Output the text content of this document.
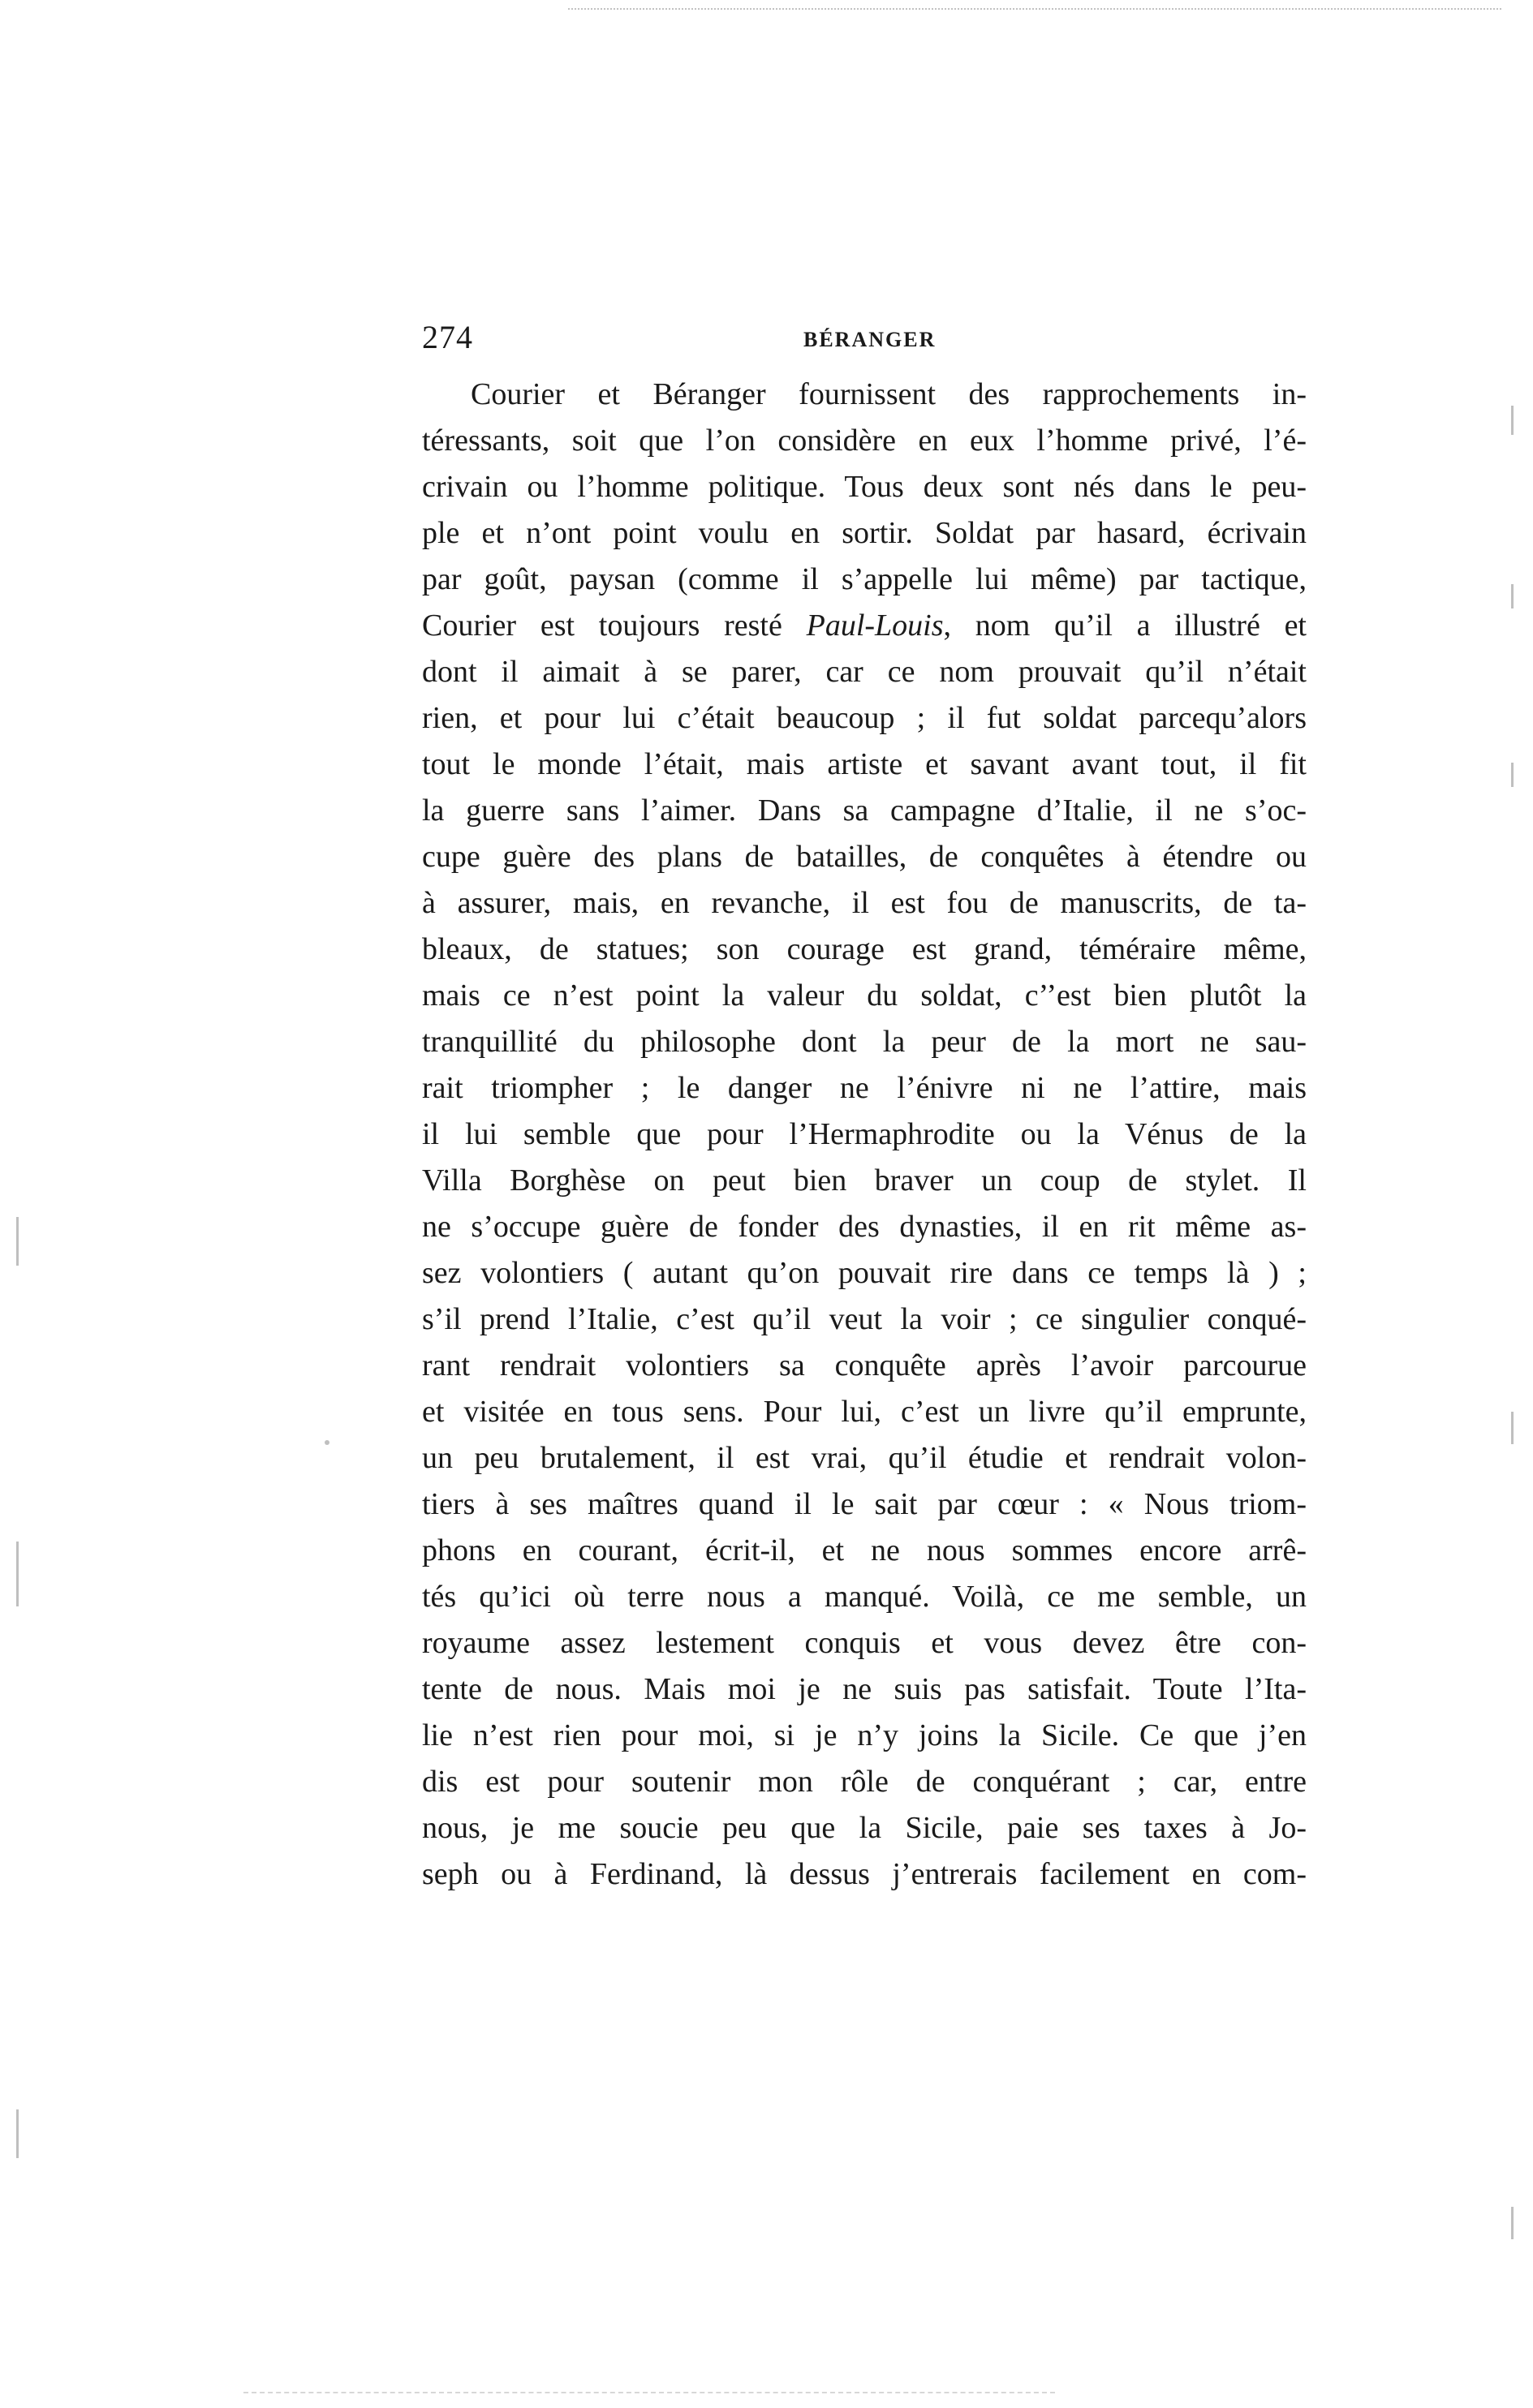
274	BÉRANGER
Courier et Béranger fournissent des rapprochements in-
téressants, soit que l’on considère en eux l’homme privé, l’é-
crivain ou l’homme politique. Tous deux sont nés dans le peu-
ple et n’ont point voulu en sortir. Soldat par hasard, écrivain
par goût, paysan (comme il s’appelle lui même) par tactique,
Courier est toujours resté Paul-Louis, nom qu’il a illustré et
dont il aimait à se parer, car ce nom prouvait qu’il n’était
rien, et pour lui c’était beaucoup ; il fut soldat parcequ’alors
tout le monde l’était, mais artiste et savant avant tout, il fit
la guerre sans l’aimer. Dans sa campagne d’Italie, il ne s’oc-
cupe guère des plans de batailles, de conquêtes à étendre ou
à assurer, mais, en revanche, il est fou de manuscrits, de ta-
bleaux, de statues; son courage est grand, téméraire même,
mais ce n’est point la valeur du soldat, c’’est bien plutôt la
tranquillité du philosophe dont la peur de la mort ne sau-
rait triompher ; le danger ne l’énivre ni ne l’attire, mais
il lui semble que pour l’Hermaphrodite ou la Vénus de la
Villa Borghèse on peut bien braver un coup de stylet. Il
ne s’occupe guère de fonder des dynasties, il en rit même as-
sez volontiers ( autant qu’on pouvait rire dans ce temps là ) ;
s’il prend l’Italie, c’est qu’il veut la voir ; ce singulier conqué-
rant rendrait volontiers sa conquête après l’avoir parcourue
et visitée en tous sens. Pour lui, c’est un livre qu’il emprunte,
un peu brutalement, il est vrai, qu’il étudie et rendrait volon-
tiers à ses maîtres quand il le sait par cœur : « Nous triom-
phons en courant, écrit-il, et ne nous sommes encore arrê-
tés qu’ici où terre nous a manqué. Voilà, ce me semble, un
royaume assez lestement conquis et vous devez être con-
tente de nous. Mais moi je ne suis pas satisfait. Toute l’Ita-
lie n’est rien pour moi, si je n’y joins la Sicile. Ce que j’en
dis est pour soutenir mon rôle de conquérant ; car, entre
nous, je me soucie peu que la Sicile, paie ses taxes à Jo-
seph ou à Ferdinand, là dessus j’entrerais facilement en com-
